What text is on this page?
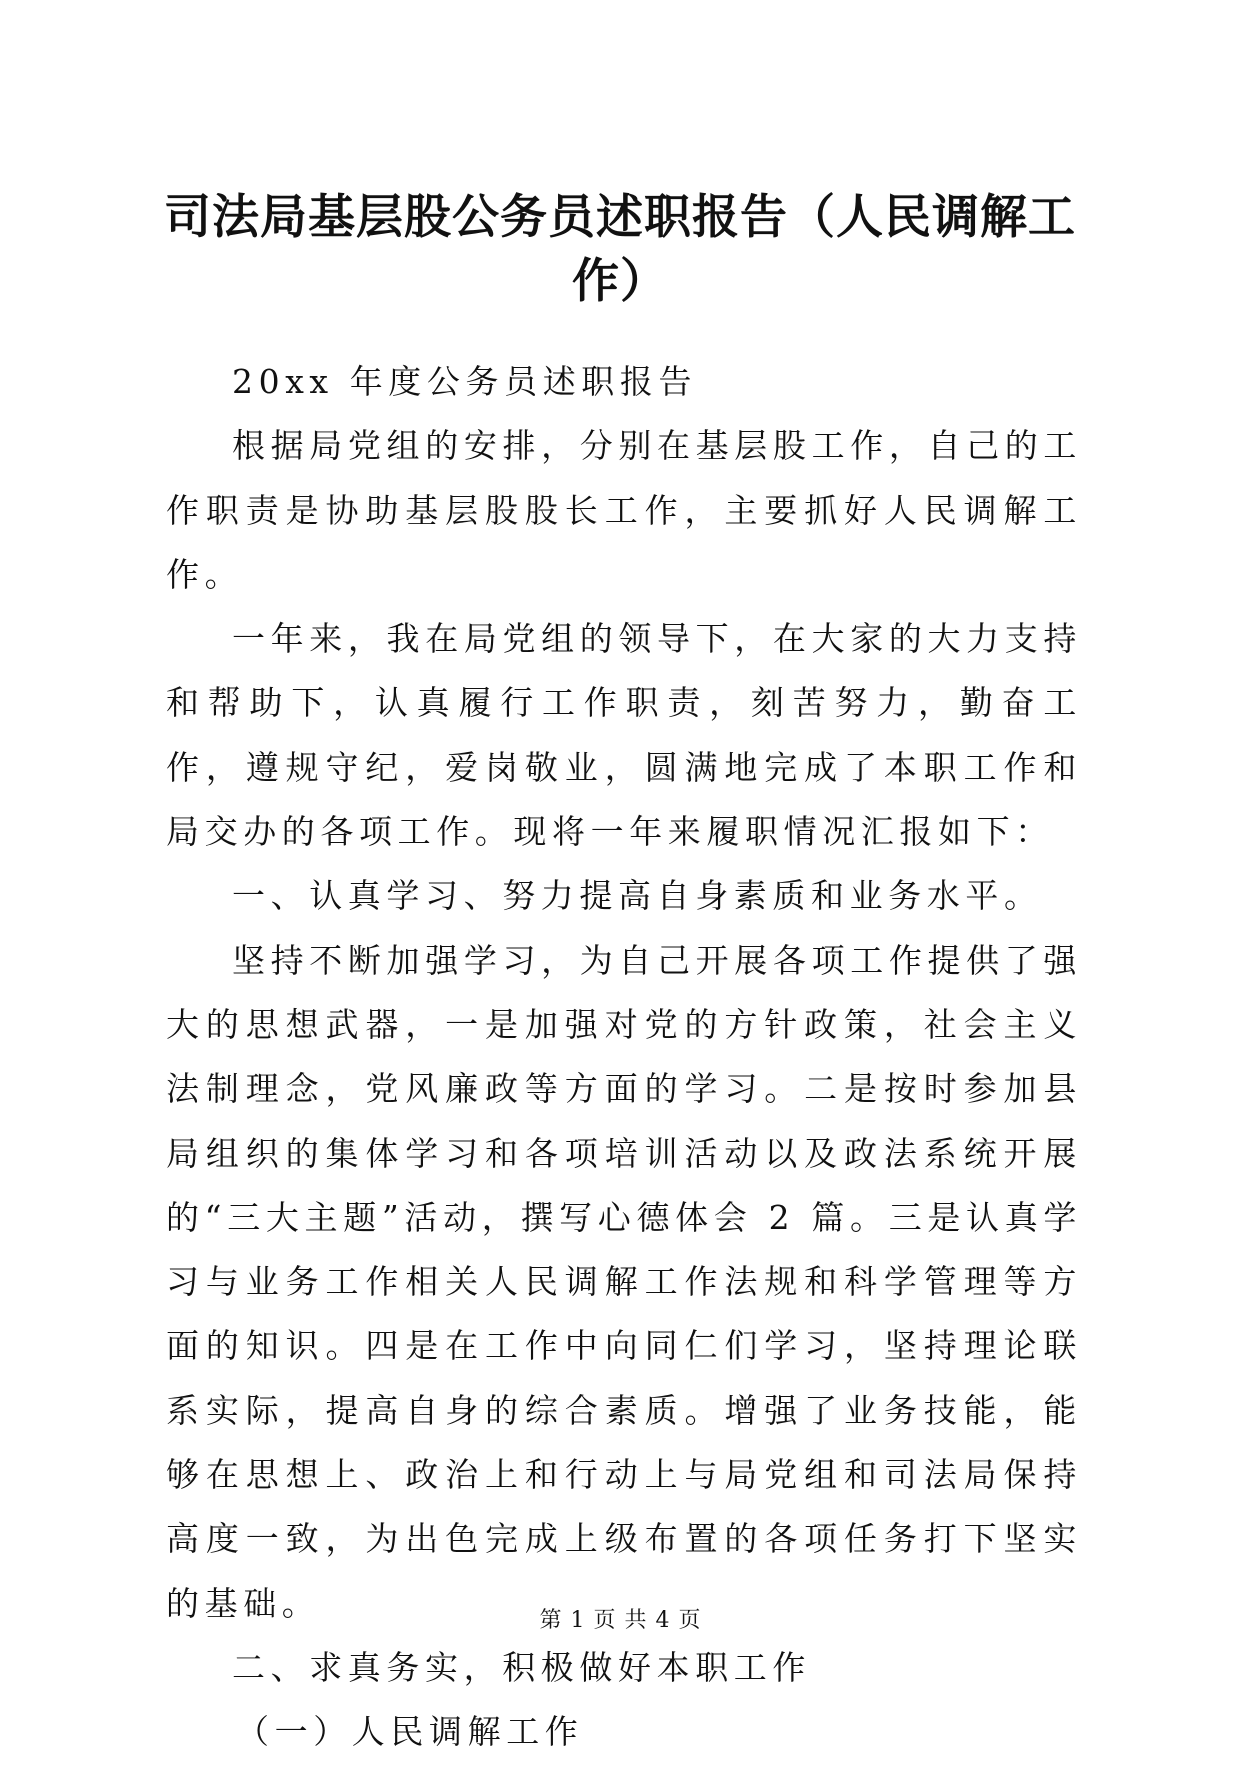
司法局基层股公务员述职报告（人民调解工
作）

20xx 年度公务员述职报告

根据局党组的安排，分别在基层股工作，自己的工作职责是协助基层股股长工作，主要抓好人民调解工作。

一年来，我在局党组的领导下，在大家的大力支持和帮助下，认真履行工作职责，刻苦努力，勤奋工作，遵规守纪，爱岗敬业，圆满地完成了本职工作和局交办的各项工作。现将一年来履职情况汇报如下：

一、认真学习、努力提高自身素质和业务水平。

坚持不断加强学习，为自己开展各项工作提供了强大的思想武器，一是加强对党的方针政策，社会主义法制理念，党风廉政等方面的学习。二是按时参加县局组织的集体学习和各项培训活动以及政法系统开展的“三大主题”活动，撰写心德体会 2 篇。三是认真学习与业务工作相关人民调解工作法规和科学管理等方面的知识。四是在工作中向同仁们学习，坚持理论联系实际，提高自身的综合素质。增强了业务技能，能够在思想上、政治上和行动上与局党组和司法局保持高度一致，为出色完成上级布置的各项任务打下坚实的基础。

二、求真务实，积极做好本职工作

（一）人民调解工作

第 1 页 共 4 页
